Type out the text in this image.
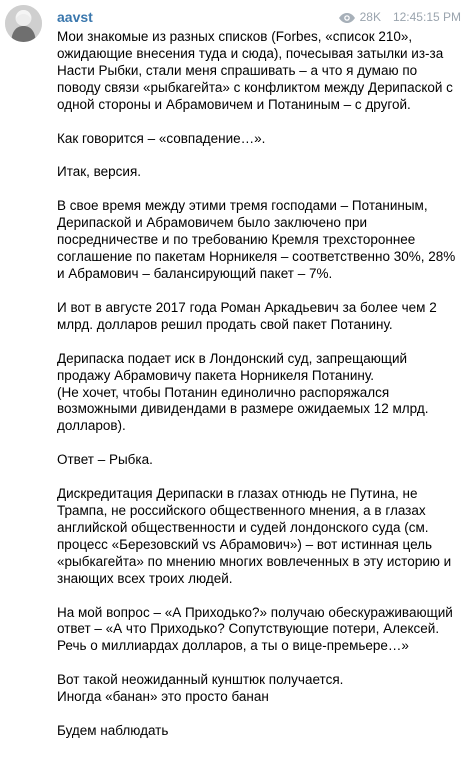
aavst	28K 12:45:15 PM

Мои знакомые из разных списков (Forbes, «список 210», ожидающие внесения туда и сюда), почесывая затылки из-за Насти Рыбки, стали меня спрашивать – а что я думаю по поводу связи «рыбкагейта» с конфликтом между Дерипаской с одной стороны и Абрамовичем и Потаниным – с другой.

Как говорится – «совпадение…».

Итак, версия.

В свое время между этими тремя господами – Потаниным, Дерипаской и Абрамовичем было заключено при посредничестве и по требованию Кремля трехстороннее соглашение по пакетам Норникеля – соответственно 30%, 28% и Абрамович – балансирующий пакет – 7%.

И вот в августе 2017 года Роман Аркадьевич за более чем 2 млрд. долларов решил продать свой пакет Потанину.

Дерипаска подает иск в Лондонский суд, запрещающий продажу Абрамовичу пакета Норникеля Потанину.
(Не хочет, чтобы Потанин единолично распоряжался возможными дивидендами в размере ожидаемых 12 млрд. долларов).

Ответ – Рыбка.

Дискредитация Дерипаски в глазах отнюдь не Путина, не Трампа, не российского общественного мнения, а в глазах английской общественности и судей лондонского суда (см. процесс «Березовский vs Абрамович») – вот истинная цель «рыбкагейта» по мнению многих вовлеченных в эту историю и знающих всех троих людей.

На мой вопрос – «А Приходько?» получаю обескураживающий ответ – «А что Приходько? Сопутствующие потери, Алексей. Речь о миллиардах долларов, а ты о вице-премьере…»

Вот такой неожиданный кунштюк получается.
Иногда «банан» это просто банан

Будем наблюдать
